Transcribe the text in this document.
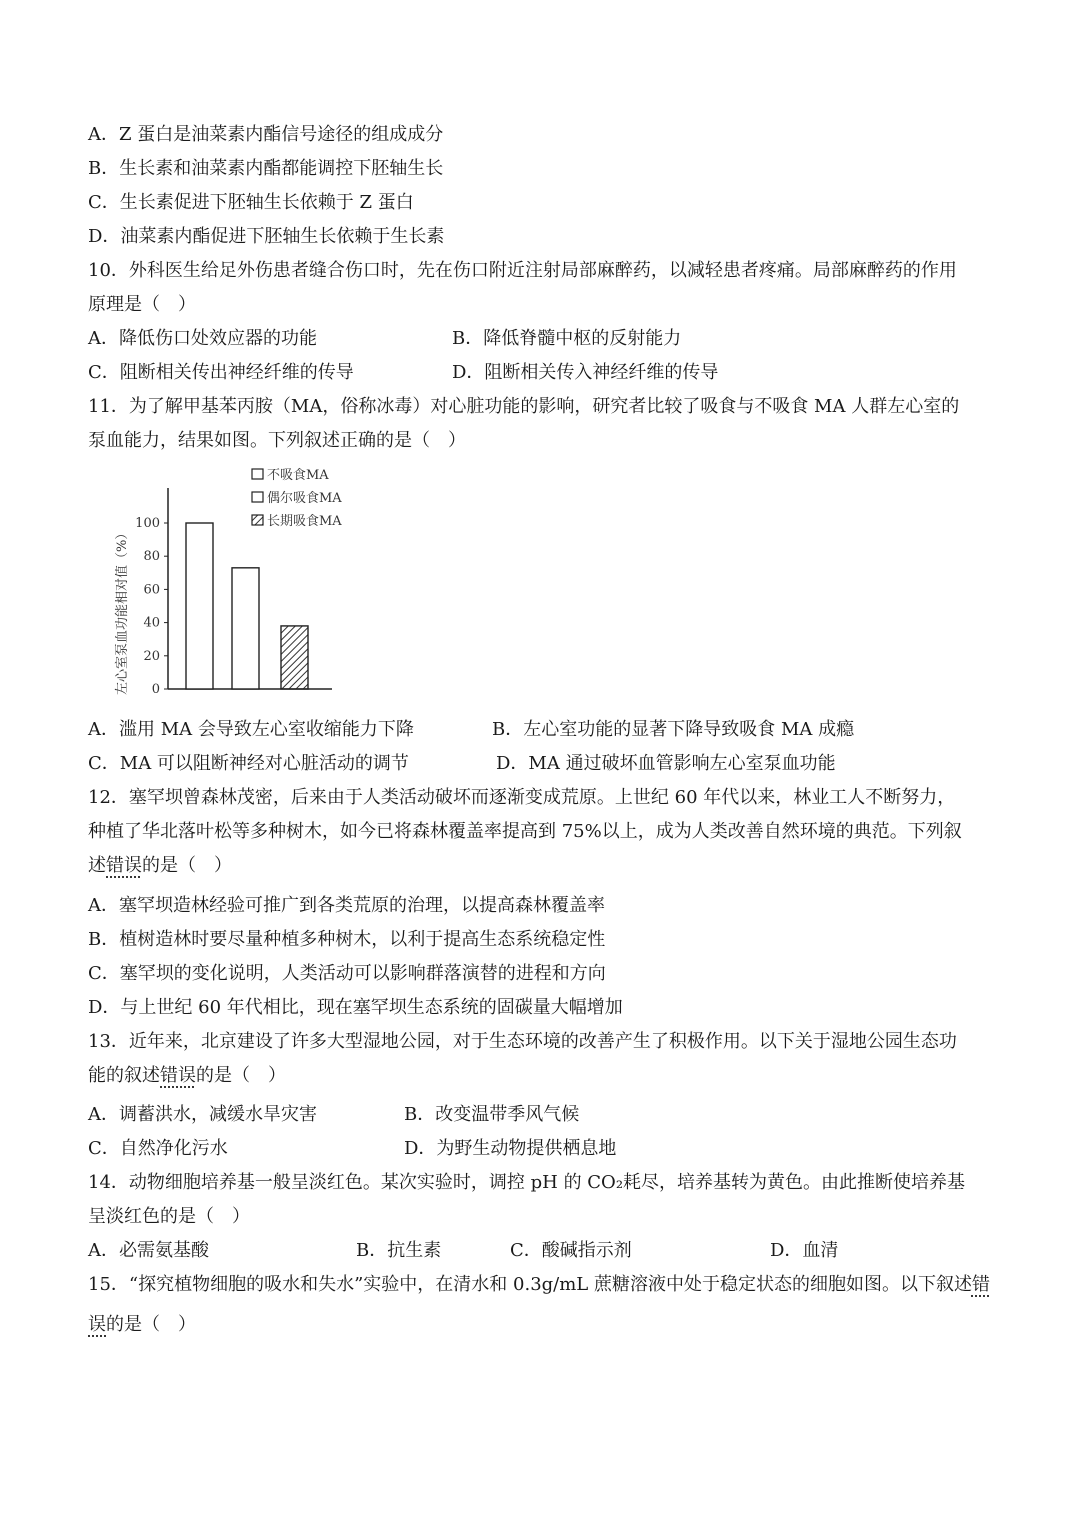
A．Z 蛋白是油菜素内酯信号途径的组成成分
B．生长素和油菜素内酯都能调控下胚轴生长
C．生长素促进下胚轴生长依赖于 Z 蛋白
D．油菜素内酯促进下胚轴生长依赖于生长素
10．外科医生给足外伤患者缝合伤口时，先在伤口附近注射局部麻醉药，以减轻患者疼痛。局部麻醉药的作用
原理是（　）
A．降低伤口处效应器的功能	B．降低脊髓中枢的反射能力
C．阻断相关传出神经纤维的传导	D．阻断相关传入神经纤维的传导
11．为了解甲基苯丙胺（MA，俗称冰毒）对心脏功能的影响，研究者比较了吸食与不吸食 MA 人群左心室的
泵血能力，结果如图。下列叙述正确的是（　）
0
20
40
60
80
100
左心室泵血功能相对值（%）
不吸食MA
偶尔吸食MA
长期吸食MA
A．滥用 MA 会导致左心室收缩能力下降	B．左心室功能的显著下降导致吸食 MA 成瘾
C．MA 可以阻断神经对心脏活动的调节	D．MA 通过破坏血管影响左心室泵血功能
12．塞罕坝曾森林茂密，后来由于人类活动破坏而逐渐变成荒原。上世纪 60 年代以来，林业工人不断努力，
种植了华北落叶松等多种树木，如今已将森林覆盖率提高到 75%以上，成为人类改善自然环境的典范。下列叙
述错误的是（　）
A．塞罕坝造林经验可推广到各类荒原的治理，以提高森林覆盖率
B．植树造林时要尽量种植多种树木，以利于提高生态系统稳定性
C．塞罕坝的变化说明，人类活动可以影响群落演替的进程和方向
D．与上世纪 60 年代相比，现在塞罕坝生态系统的固碳量大幅增加
13．近年来，北京建设了许多大型湿地公园，对于生态环境的改善产生了积极作用。以下关于湿地公园生态功
能的叙述错误的是（　）
A．调蓄洪水，减缓水旱灾害	B．改变温带季风气候
C．自然净化污水	D．为野生动物提供栖息地
14．动物细胞培养基一般呈淡红色。某次实验时，调控 pH 的 CO₂耗尽，培养基转为黄色。由此推断使培养基
呈淡红色的是（　）
A．必需氨基酸	B．抗生素	C．酸碱指示剂	D．血清
15．“探究植物细胞的吸水和失水”实验中，在清水和 0.3g/mL 蔗糖溶液中处于稳定状态的细胞如图。以下叙述错
误的是（　）
